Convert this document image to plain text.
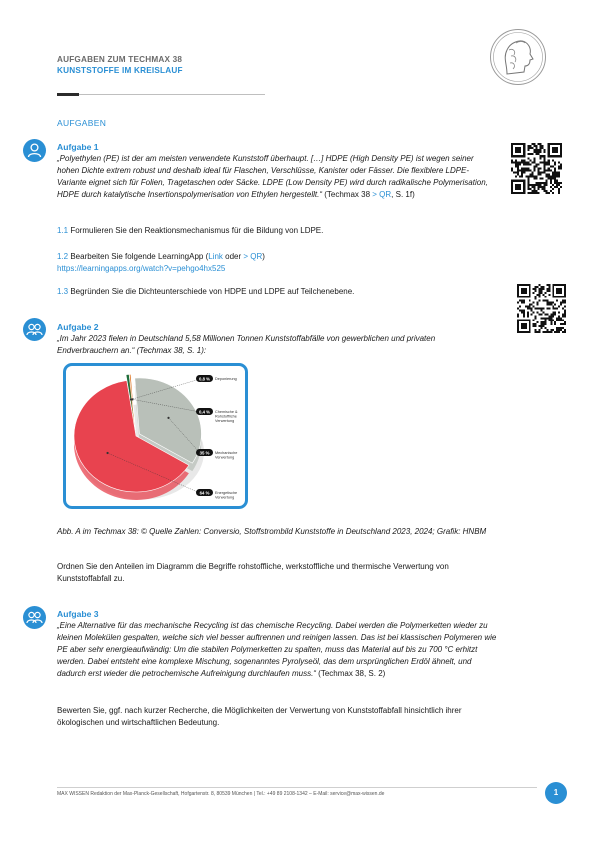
AUFGABEN ZUM TECHMAX 38
KUNSTSTOFFE IM KREISLAUF
AUFGABEN
Aufgabe 1
„Polyethylen (PE) ist der am meisten verwendete Kunststoff überhaupt. […] HDPE (High Density PE) ist wegen seiner hohen Dichte extrem robust und deshalb ideal für Flaschen, Verschlüsse, Kanister oder Fässer. Die flexiblere LDPE-Variante eignet sich für Folien, Tragetaschen oder Säcke. LDPE (Low Density PE) wird durch radikalische Polymerisation, HDPE durch katalytische Insertionspolymerisation von Ethylen hergestellt.“ (Techmax 38 > QR, S. 1f)
1.1 Formulieren Sie den Reaktionsmechanismus für die Bildung von LDPE.
1.2 Bearbeiten Sie folgende LearningApp (Link oder > QR)
https://learningapps.org/watch?v=pehgo4hx525
1.3 Begründen Sie die Dichteunterschiede von HDPE und LDPE auf Teilchenebene.
Aufgabe 2
„Im Jahr 2023 fielen in Deutschland 5,58 Millionen Tonnen Kunststoffabfälle von gewerblichen und privaten Endverbrauchern an.“ (Techmax 38, S. 1):
0,8 % Deponierung
0,4 % Chemische &
Rohstoffliche
Verwertung
35 % Mechanische
Verwertung
64 % Energetische
Verwertung
Abb. A im Techmax 38: © Quelle Zahlen: Conversio, Stoffstrombild Kunststoffe in Deutschland 2023, 2024; Grafik: HNBM
Ordnen Sie den Anteilen im Diagramm die Begriffe rohstoffliche, werkstoffliche und thermische Verwertung von Kunststoffabfall zu.
Aufgabe 3
„Eine Alternative für das mechanische Recycling ist das chemische Recycling. Dabei werden die Polymerketten wieder zu kleinen Molekülen gespalten, welche sich viel besser auftrennen und reinigen lassen. Das ist bei klassischen Polymeren wie PE aber sehr energieaufwändig: Um die stabilen Polymerketten zu spalten, muss das Material auf bis zu 700 °C erhitzt werden. Dabei entsteht eine komplexe Mischung, sogenanntes Pyrolyseöl, das dem ursprünglichen Erdöl ähnelt, und dadurch erst wieder die petrochemische Aufreinigung durchlaufen muss.“ (Techmax 38, S. 2)
Bewerten Sie, ggf. nach kurzer Recherche, die Möglichkeiten der Verwertung von Kunststoffabfall hinsichtlich ihrer ökologischen und wirtschaftlichen Bedeutung.
MAX WISSEN Redaktion der Max-Planck-Gesellschaft, Hofgartenstr. 8, 80539 München | Tel.: +49 89 2108-1342 – E-Mail: service@max-wissen.de	1
